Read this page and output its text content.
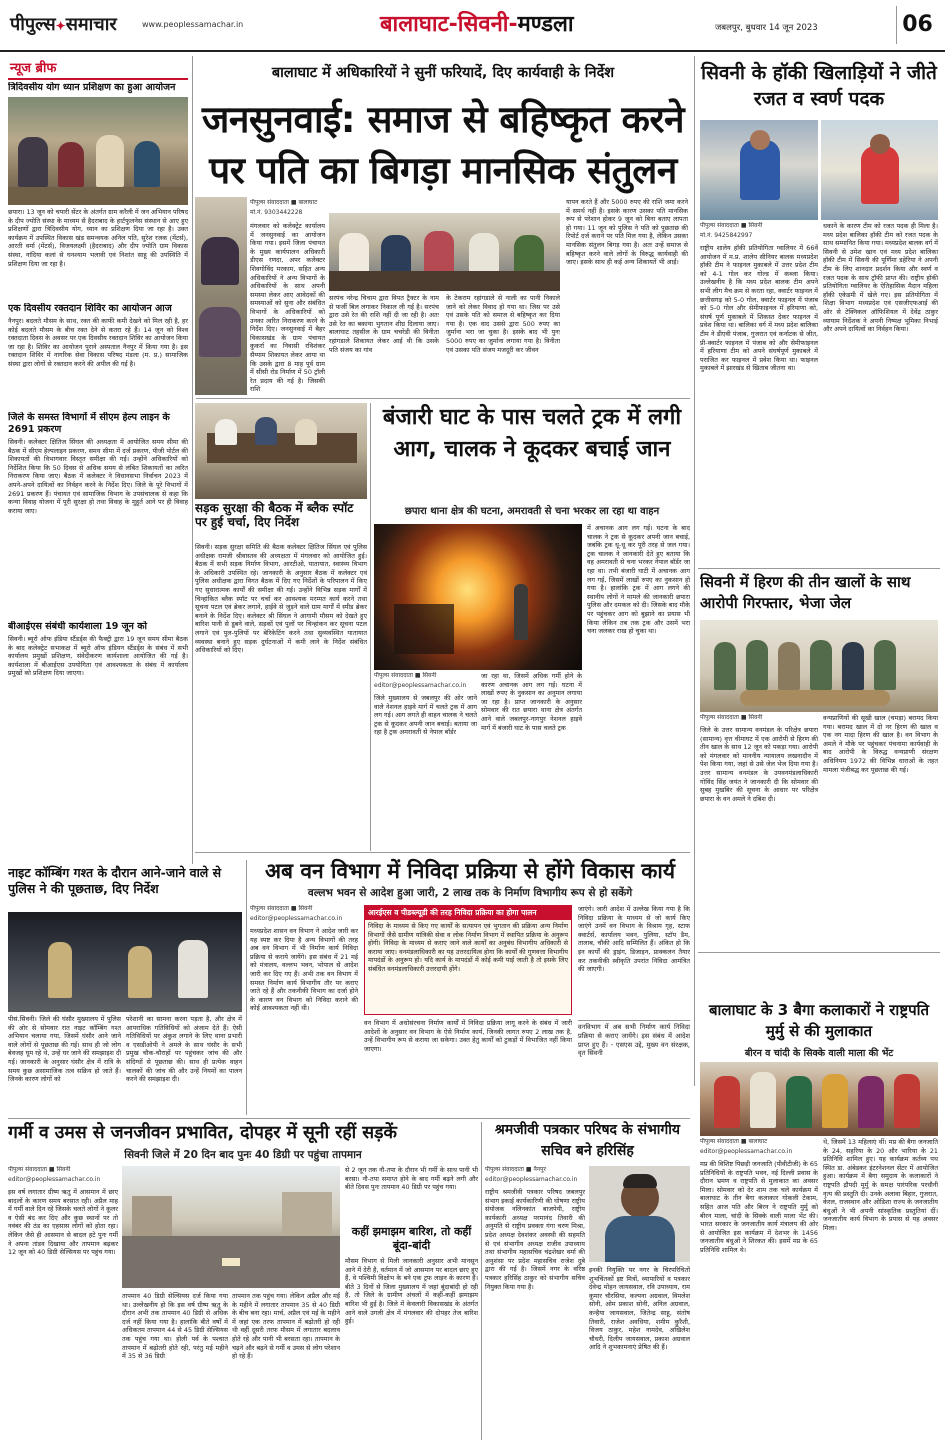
पीपुल्स✦समाचार	www.peoplessamachar.in	बालाघाट-सिवनी-मण्डला	जबलपुर, बुधवार 14 जून 2023	06
न्यूज ब्रीफ
त्रिदिवसीय योग ध्यान प्रशिक्षण का हुआ आयोजन
छपारा। 13 जून को चपारी सेंटर के अंतर्गत ग्राम करैली में जन अभियान परिषद के दीप ज्योति संस्था के माध्यम से हैदराबाद के हार्टफुलनेस संस्थान से आए हुए प्रशिक्षणों द्वारा त्रिदिवसीय योग, ध्यान का प्रशिक्षण दिया जा रहा है। उक्त कार्यक्रम में उपस्थित विकास खंड समन्वयक अनिल पति, सुरेश रजक (मेंटर्स), आरती वर्मा (मेंटर्स), विजयलक्ष्मी (हैदराबाद) और दीप ज्योति ग्राम विकास संस्था, नांदिया कलां से घनश्याम भलावी एवं निशांत साहू की उपस्थिति में प्रशिक्षण दिया जा रहा है।
एक दिवसीय रक्तदान शिविर का आयोजन आज
नैनपुर। बदलते मौसम के साथ, रक्त की काफी कमी देखने को मिल रही है, हर कोई बदलते मौसम के बीच रक्त देने से कतरा रहे हैं। 14 जून को विश्व रक्तदाता दिवस के अवसर पर एक दिवसीय रक्तदान शिविर का आयोजन किया जा रहा है। शिविर का आयोजन पुराने अस्पताल नैनपुर में किया गया है। इस रक्तदान शिविर में नागरिक सेवा विकास परिषद मंडला (म. प्र.) सामाजिक संस्था द्वारा लोगों से रक्तदान करने की अपील की गई है।
जिले के समस्त विभागों में सीएम हेल्प लाइन के 2691 प्रकरण
सिवनी। कलेक्टर क्षितिज सिंघल की अध्यक्षता में आयोजित समय सीमा की बैठक में सीएम हेल्पलाइन प्रकरण, समय सीमा में दर्ज प्रकरण, पीजी पोर्टल की शिकायतों की विभागवार विस्तृत समीक्षा की गई। उन्होंने अधिकारियों को निर्देशित किया कि 50 दिवस से अधिक समय से लंबित शिकायतों का त्वरित निराकरण किया जाए। बैठक में कलेक्टर ने विधानसभा निर्वाचन 2023 में अपने-अपने दायित्वों का निर्वहन करने के निर्देश दिए। जिले के पूरे विभागों में 2691 प्रकरण हैं। पंचायत एवं सामाजिक विभाग के उपसंचालक से कहा कि कन्या विवाह योजना में पूरी सुरक्षा हो तथा विवाह के मुहूर्त आने पर ही विवाह कराया जाए।
बीआईएस संबंधी कार्यशाला 19 जून को
सिवनी। ब्यूरो ऑफ इंडिया स्टैंडर्ड्स की फैक्ट्री द्वारा 19 जून समय सीमा बैठक के बाद कलेक्ट्रेट सभाकक्ष में ब्यूरो ऑफ इंडियन स्टैंडर्ड्स के संबंध में सभी कार्यालय प्रमुखों प्रशिक्षण, संवेदीकरण कार्यशाला आयोजित की गई है। कार्यशाला में बीआईएस उपयोगिता एवं आवश्यकता के संबंध में कार्यालय प्रमुखों को प्रशिक्षण दिया जाएगा।
बालाघाट में अधिकारियों ने सुनीं फरियादें, दिए कार्यवाही के निर्देश
जनसुनवाई: समाज से बहिष्कृत करने पर पति का बिगड़ा मानसिक संतुलन
पीपुल्स संवाददाता ■ बालाघाट
मो.नं. 9303442228
मंगलवार को कलेक्ट्रेट कार्यालय में जनसुनवाई का आयोजन किया गया। इसमें जिला पंचायत के मुख्य कार्यपालन अधिकारी डीएस रणदा, अपर कलेक्टर शिवगोविंद मरकाम, सहित अन्य अधिकारियों ने अन्य विभागों के अधिकारियों के साथ अपनी समस्या लेकर आए आवेदकों की समस्याओं को सुना और संबंधित विभागों के अधिकारियों को उनका त्वरित निराकरण करने के निर्देश दिए। जनसुनवाई में बैहर विकासखंड के ग्राम पंचायत कुकर्रा का निवासी रविशंकर सैय्याम शिकायत लेकर आया था कि उसके द्वारा 8 माह पूर्व ग्राम में सीसी रोड निर्माण में 50 ट्रॉली रेत प्रदाय की गई है। जिसकी राशि
सरपंच नरेन्द्र चिचाम द्वारा विपत ट्रैक्टर के नाम से फर्जी बिल लगाकर निकाल ली गई है। सरपंच द्वारा उसे रेत की राशि नहीं दी जा रही है। अतः उसे रेत का बकाया भुगतान शीघ्र दिलाया जाए। बालाघाट तहसील के ग्राम चचरेडी की विनीता रहांगडाले शिकायत लेकर आई थी कि उसके पति संजय का गांव
के टेकराम रहांगडाले से नाली का पानी निकाले जाने को लेकर विवाद हो गया था। जिस पर उसे एवं उसके पति को समाज से बहिष्कृत कर दिया गया है। एक वाद उससे द्वारा 500 रुपए का जुर्माना भरा जा चुका है। इसके बाद भी पुनः 5000 रुपए का जुर्माना लगाया गया है। विनीता एवं उसका पति संजय मजदूरी कर जीवन
यापन करते हैं और 5000 रुपए की राशि जमा करने में समर्थ नहीं है। इसके कारण उसका पति मानसिक रूप से परेशान होकर 9 जून को बिना बताए लापता हो गया। 11 जून को पुलिस ने पति को पूछताछ की रिपोर्ट दर्ज कराने पर पति मिल गया है, लेकिन उसका मानसिक संतुलन बिगड़ गया है। अतः उन्हें समाज से बहिष्कृत करने वाले लोगों के विरुद्ध कार्यवाही की जाए। इसके साथ ही कई अन्य शिकायतें भी आईं।
सिवनी के हॉकी खिलाड़ियों ने जीते रजत व स्वर्ण पदक
पीपुल्स संवाददाता ■ सिवनी
मो.नं. 9425842997
राष्ट्रीय शालेय हॉकी प्रतियोगिता ग्वालियर में 66वें आयोजन में म.प्र. शालेय सीनियर बालक मध्यप्रदेश हॉकी टीम ने फाइनल मुकाबले में उत्तर प्रदेश टीम को 4-1 गोल कर गोल्ड में कब्जा किया। उल्लेखनीय है कि मध्य प्रदेश बालक टीम अपने सभी लीग मैच क्रम से करता रहा, क्वार्टर फाइनल में छत्तीसगढ़ को 5-0 गोल, क्वार्टर फाइनल में पंजाब को 5-0 गोल और सेमीफाइनल में हरियाणा को, संघर्ष पूर्ण मुकाबले में शिकस्त देकर फाइनल में प्रवेश किया था। बालिका वर्ग में मध्य प्रदेश बालिका टीम ने डीएवी पंजाब, गुजरात एवं कर्नाटक से जीत, प्री-क्वार्टर फाइनल में पंजाब को और सेमीफाइनल में हरियाणा टीम को अपने संघर्षपूर्ण मुकाबले में पराजित कर फाइनल में प्रवेश किया था। फाइनल मुकाबले में झारखंड से खिताब जीतना था।
धकाने के कारण टीम को रजत पदक ही मिला है। मध्य प्रदेश बालिका हॉकी टीम को रजत पदक के साथ सम्मानित किया गया। मध्यप्रदेश बालक वर्ग में सिवनी से उमेश खान एवं मध्य प्रदेश बालिका हॉकी टीम में सिवनी की पूर्णिमा डहेरिया ने अपनी टीम के लिए शानदार प्रदर्शन किया और स्वर्ण व रजत पदक के साथ ट्रॉफी प्राप्त की। राष्ट्रीय हॉकी प्रतियोगिता ग्वालियर के ऐतिहासिक मैदान महिला हॉकी एकेडमी में खेले गए। इस प्रतियोगिता में शिक्षा विभाग मध्यप्रदेश एवं एसजीएफआई की ओर से टेक्निकल ऑफिशियल में देवेंद्र ठाकुर व्यायाम निर्देशक ने अपनी निष्पक्ष भूमिका निभाई और अपने दायित्वों का निर्वहन किया।
सड़क सुरक्षा की बैठक में ब्लैक स्पॉट पर हुई चर्चा, दिए निर्देश
सिवनी। सड़क सुरक्षा समिति की बैठक कलेक्टर क्षितिज सिंघल एवं पुलिस अधीक्षक रामजी श्रीवास्तव की अध्यक्षता में मंगलवार को आयोजित हुई। बैठक में सभी सड़क निर्माण विभाग, आरटीओ, यातायात, स्वास्थ्य विभाग के अधिकारी उपस्थित रहे। जानकारी के अनुसार बैठक में कलेक्टर एवं पुलिस अधीक्षक द्वारा विगत बैठक में दिए गए निर्देशों के परिपालन में किए गए सुधारात्मक कार्यों की समीक्षा की गई। उन्होंने विभिन्न सड़क मार्गों में चिन्हांकित ब्लैक स्पॉट पर चर्चा कर आवश्यक मरम्मत कार्य करने तथा सूचना पटल एवं ब्रेकर लगाने, हाईवे से जुड़ने वाले ग्राम मार्गों में स्पीड ब्रेकर बनाने के निर्देश दिए। कलेक्टर श्री सिंघल ने आगामी मौसम को देखते हुए बारिश पानी से डूबने वाले, सड़कों एवं पुलों पर चिन्हांकन कर सूचना पटल लगाने एवं पुल-पुलियों पर बेरिकेटिंग करने तथा सुव्यवस्थित यातायात व्यवस्था बनाने हुए सड़क दुर्घटनाओं में कमी लाने के निर्देश संबंधित अधिकारियों को दिए।
बंजारी घाट के पास चलते ट्रक में लगी आग, चालक ने कूदकर बचाई जान
छपारा थाना क्षेत्र की घटना, अमरावती से चना भरकर ला रहा था वाहन
पीपुल्स संवाददाता ■ सिवनी
editor@peoplessamachar.co.in
जिले मुख्यालय से जबलपुर की ओर जाने वाले नेशनल हाइवे मार्ग में चलते ट्रक में आग लग गई। आग लगते ही वाहन चालक ने चलते ट्रक से कूदकर अपनी जान बचाई। बताया जा रहा है ट्रक अमरावती से नेपाल बॉर्डर
जा रहा था, जिसमें अधिक गर्मी होने के कारण अचानक आग लग गई। घटना में लाखों रुपए के नुकसान का अनुमान लगाया जा रहा है। प्राप्त जानकारी के अनुसार सोमवार की रात छपारा थाना क्षेत्र अंतर्गत आने वाले जबलपुर-नागपुर नेशनल हाइवे मार्ग में बंजारी घाट के पास चलते ट्रक
में अचानक आग लग गई। घटना के बाद चालक ने ट्रक से कूदकर अपनी जान बचाई, जबकि ट्रक धू-धू कर पूरी तरह से जल गया। ट्रक चालक ने जानकारी देते हुए बताया कि वह अमरावती से चना भरकर नेपाल बॉर्डर जा रहा था। तभी बंजारी घाटी में अचानक आग लग गई, जिसमें लाखों रुपए का नुकसान हो गया है। हालांकि ट्रक में आग लगने की स्थानीय लोगों ने मामले की जानकारी छपारा पुलिस और दमकल को दी। जिसके बाद मौके पर पहुंचकर आग को बुझाने का प्रयास भी किया लेकिन तब तक ट्रक और उसमें भरा चना जलकर राख हो चुका था।
सिवनी में हिरण की तीन खालों के साथ आरोपी गिरफ्तार, भेजा जेल
पीपुल्स संवाददाता ■ सिवनी
जिले के उत्तर सामान्य वनमंडल के परिक्षेत्र छपारा (सामान्य) वृत्त चीमाघट में एक आरोपी से हिरण की तीन खाल के साथ 12 जून को पकड़ा गया। आरोपी को मंगलवार को माननीय न्यायालय लखनादौन में पेश किया गया, जहां से उसे जेल भेज दिया गया है। उत्तर सामान्य वनमंडल के उपवनमंडलाधिकारी गोविंद सिंह जयंत ने जानकारी दी कि सोमवार की सुबह मुखबिर की सूचना के आधार पर परिक्षेत्र छपारा के वन अमले ने दबिश दी।
वन्यप्राणियों की सूखी खाल (चमड़ा) बरामद किया गया। बरामद खाल में दो नर हिरण की खाल व एक नग मादा हिरण की खाल है। वन विभाग के अमले ने मौके पर पहुंचकर पंचनामा कार्यवाही के बाद आरोपी के विरुद्ध वन्यप्राणी संरक्षण अधिनियम 1972 की विभिन्न धाराओं के तहत मामला पंजीबद्ध कर पूछताछ की गई।
नाइट कॉम्बिंग गश्त के दौरान आने-जाने वाले से पुलिस ने की पूछताछ, दिए निर्देश
पीसं.सिवनी। जिले की घंसौर मुख्यालय में पुलिस की ओर से सोमवार रात नाइट कॉम्बिंग गश्त अभियान चलाया गया, जिसमें घंसौर आने जाने वाले लोगों से पूछताछ की गई। साथ ही जो लोग बेवजह घूम रहे थे, उन्हें घर जाने की समझाइश दी गई। जानकारी के अनुसार घंसौर क्षेत्र में रात्रि के समय कुछ असामाजिक तत्व सक्रिय हो जाते हैं। जिनके कारण लोगों को
परेशानी का सामना करना पड़ता है, और क्षेत्र में आपराधिक गतिविधियों को अंजाम देते हैं। ऐसी गतिविधियों पर अंकुश लगाने के लिए थाना प्रभारी व एसडीओपी ने अमले के साथ घंसौर के सभी प्रमुख चौक-चौराहों पर पहुंचकर जांच की और संदिग्धों से पूछताछ की। साथ ही प्रत्येक वाहन चालकों की जांच की और उन्हें नियमों का पालन करने की समझाइश दी।
अब वन विभाग में निविदा प्रक्रिया से होंगे विकास कार्य
वल्लभ भवन से आदेश हुआ जारी, 2 लाख तक के निर्माण विभागीय रूप से हो सकेंगे
पीपुल्स संवाददाता ■ सिवनी
editor@peoplessamachar.co.in
मध्यप्रदेश शासन वन विभाग ने आदेश जारी कर यह स्पष्ट कर दिया है अन्य विभागों की तरह अब वन विभाग में भी निर्माण कार्य निविदा प्रक्रिया से कराये जायेंगे। इस संबंध में 21 मई को मंत्रालय, वल्लभ भवन, भोपाल से आदेश जारी कर दिए गए हैं। अभी तक वन विभाग में समस्त निर्माण कार्य विभागीय तौर पर कराए जाते रहे हैं और तकनीकी विभाग का दर्जा होने के कारण वन विभाग को निविदा कराने की कोई आवश्यकता नहीं थी।
आरईएस व पीडब्ल्यूडी की तरह निविदा प्रक्रिया का होगा पालन
निविदा के माध्यम से किए गए कार्यों के सत्यापन एवं भुगतान की प्रक्रिया अन्य निर्माण विभागों जैसे ग्रामीण यांत्रिकी सेवा व लोक निर्माण विभाग में स्थापित प्रक्रिया के अनुरूप होगी। निविदा के माध्यम से कराए जाने वाले कार्यों का अनुबंध विभागीय अधिकारी से कराया जाए। वनमंडलाधिकारी का यह उत्तरदायित्व होगा कि कार्यों की गुणवत्ता विभागीय मापदंडों के अनुरूप हो। यदि कार्य के मापदंडों में कोई कमी पाई जाती है तो इसके लिए संबंधित वनमंडलाधिकारी उत्तरदायी होंगे।
वन विभाग में अधोसंरचना निर्माण कार्यों में निविदा प्रक्रिया लागू करने के संबंध में जारी आदेशों के अनुसार वन विभाग के ऐसे निर्माण कार्य, जिनकी लागत रुपए 2 लाख तक है, उन्हें विभागीय रूप से कराया जा सकेगा। उक्त हेतु कार्यों को टुकड़ों में विभाजित नहीं किया जाएगा।
जाएंगे। जारी आदेश में उल्लेख किया गया है कि निविदा प्रक्रिया के माध्यम से जो कार्य किए जाएंगे उनमें वन विभाग के विश्राम गृह, स्टाफ क्वार्टर्स, कार्यालय भवन, पुलिया, स्टॉप डैम, तालाब, चौकी आदि सम्मिलित हैं। अंकित हो कि इन कार्यों की ड्राइंग, डिजाइन, प्राक्कलन तैयार कर तकनीकी स्वीकृति उपरांत निविदा आमंत्रित की जाएगी।
वनविभाग में अब सभी निर्माण कार्य निविदा प्रक्रिया से कराए जायेंगे। इस संबंध में आदेश प्राप्त हुए हैं। - एसएस उद्दे, मुख्य वन संरक्षक, वृत सिवनी
बालाघाट के 3 बैगा कलाकारों ने राष्ट्रपति मुर्मु से की मुलाकात
बीरन व चांदी के सिक्के वाली माला की भेंट
पीपुल्स संवाददाता ■ बालाघाट
editor@peoplessamachar.co.in
मप्र की विशिष्ट पिछड़ी जनजाति (पीवीटीजी) के 65 प्रतिनिधियों के राष्ट्रपति भवन, नई दिल्ली प्रवास के दौरान भ्रमण व राष्ट्रपति से मुलाकात का अवसर मिला। सोमवार को देर शाम तक चले कार्यक्रम में बालाघाट के तीन बैगा कलाकार गोकली टेकाम, सहित आज पति और बिरन ने राष्ट्रपति मुर्मु को बीरन माला, चांदी के सिक्के वाली माला भेंट की। भारत सरकार के जनजातीय कार्य मंत्रालय की ओर से आयोजित इस कार्यक्रम में देशभर के 1456 जनजातीय बंधुओं ने शिरकत की। इसमें मप्र के 65 प्रतिनिधि शामिल थे।
थे, जिसमें 13 महिलाएं थीं। मप्र की बैगा जनजाति के 24, सहरिया के 20 और भारिया के 21 प्रतिनिधि शामिल हुए। यह कार्यक्रम कर्तव्य पथ स्थित डा. अंबेडकर इंटरनेशनल सेंटर में आयोजित हुआ। कार्यक्रम में बैगा समुदाय के कलाकारों ने राष्ट्रपति द्रौपदी मुर्मु के समक्ष पारंपरिक परधौनी नृत्य की प्रस्तुति दी। उनके अलावा बिहार, गुजरात, केरल, राजस्थान और ओडिशा राज्य के जनजातीय बंधुओं ने भी अपनी सांस्कृतिक प्रस्तुतियां दीं। जनजातीय कार्य विभाग के प्रयास से यह अवसर मिला।
गर्मी व उमस से जनजीवन प्रभावित, दोपहर में सूनी रहीं सड़कें
सिवनी जिले में 20 दिन बाद पुनः 40 डिग्री पर पहुंचा तापमान
पीपुल्स संवाददाता ■ सिवनी
editor@peoplessamachar.co.in
इस वर्ष लगातार ग्रीष्म ऋतु में आसमान में छाए बादलों के कारण समय बरसात रही। अप्रैल माह में गर्मी वाले दिन रहे जिसके चलते लोगों ने कूलर व ऐसी बंद कर दिए और कुछ स्थानों पर तो नवंबर की ठंड का एहसास लोगों को होता रहा। लेकिन जैसे ही आसमान से बादल हटे पुनः गर्मी ने अपना तांडव दिखाया और तापमान बढ़कर 12 जून को 40 डिग्री सेल्सियस पर पहुंच गया।
तापमान 40 डिग्री सेल्सियस दर्ज किया गया था। उल्लेखनीय हो कि इस वर्ष ग्रीष्म ऋतु के दौरान अभी तक तापमान 40 डिग्री से अधिक दर्ज नहीं किया गया है। हालांकि बीते वर्षों में अधिकतम तापमान 44 से 45 डिग्री सेल्सियस तक पहुंच गया था। होली पर्व के पश्चात तापमान में बढ़ोतरी होते रही, परंतु मई महीने में 35 से 36 डिग्री
तापमान तक पहुंच गया। लेकिन अप्रैल और मई के महीने में लगातार तापमान 35 से 40 डिग्री के बीच बना रहा। मार्च, अप्रैल एवं मई के महीने में जहां एक तरफ तापमान में बढ़ोतरी हो रही थी वहीं दूसरी तरफ मौसम में लगातार बदलाव होते रहे और पानी भी बरसता रहा। तापमान के चढ़ने और बढ़ने से गर्मी व उमस से लोग परेशान हो रहे हैं।
से 2 जून तक नौ-तपा के दौरान भी गर्मी के साथ पानी भी बरसा। नौ-तपा समाप्त होने के बाद गर्मी बढ़ने लगी और बीते दिवस पुनः तापमान 40 डिग्री पर पहुंच गया।
कहीं झमाझम बारिश, तो कहीं बूंदा-बांदी
मौसम विभाग से मिली जानकारी अनुसार अभी मानसून आने में देरी है, वर्तमान में जो आसमान पर बादल छाए हुए हैं, वे पश्चिमी विक्षोभ के बने एक ट्रफ लाइन के कारण हैं। बीते 3 दिनों से जिला मुख्यालय में जहां बूंदाबांदी हो रही है, तो जिले के ग्रामीण अंचलों में कहीं-कहीं झमाझम बारिश भी हुई है। जिले में केवलारी विकासखंड के अंतर्गत आने वाले उगली क्षेत्र में मंगलवार की दोपहर तेज बारिश हुई।
श्रमजीवी पत्रकार परिषद के संभागीय सचिव बने हरिसिंह
पीपुल्स संवाददाता ■ नैनपुर
editor@peoplessamachar.co.in
राष्ट्रीय श्रमजीवी पत्रकार परिषद जबलपुर संभाग इकाई कार्यकारिणी की घोषणा राष्ट्रीय संयोजक नलिनकांत बाजपेयी, राष्ट्रीय कार्यकारी अध्यक्ष परमानंद तिवारी की अनुमति से राष्ट्रीय प्रवक्ता गंगा चरण मिश्रा, प्रदेश अध्यक्ष देवशंकर अवस्थी की सहमति से एवं संभागीय अध्यक्ष राजीव उपाध्याय तथा संभागीय महासचिव चंद्रशेखर वर्मा की अनुशंसा पर प्रदेश महासचिव राजेश दुबे द्वारा की गई है। जिसमें नगर के वरिष्ठ पत्रकार हरिसिंह ठाकुर को संभागीय सचिव नियुक्त किया गया है।
इनकी नियुक्ति पर नगर के चिरपरिचितों शुभचिंतकों इष्ट मित्रों, व्यापारियों व पत्रकार देवेन्द्र मोहन जायसवाल, रवि उपाध्याय, राम कुमार चौरसिया, कल्पना अग्रवाल, विमलेश सोनी, ओम प्रकाश सोनी, अनिल अग्रवाल, कन्हैया जायसवाल, जितेन्द्र साहू, संतोष तिवारी, राजेश अवधिया, शमीम कुरैशी, विजय ठाकुर, महेश नामदेव, अखिलेश चौधरी, दिलीप जायसवाल, प्रकाश अग्रवाल आदि ने शुभकामनाएं प्रेषित की हैं।
